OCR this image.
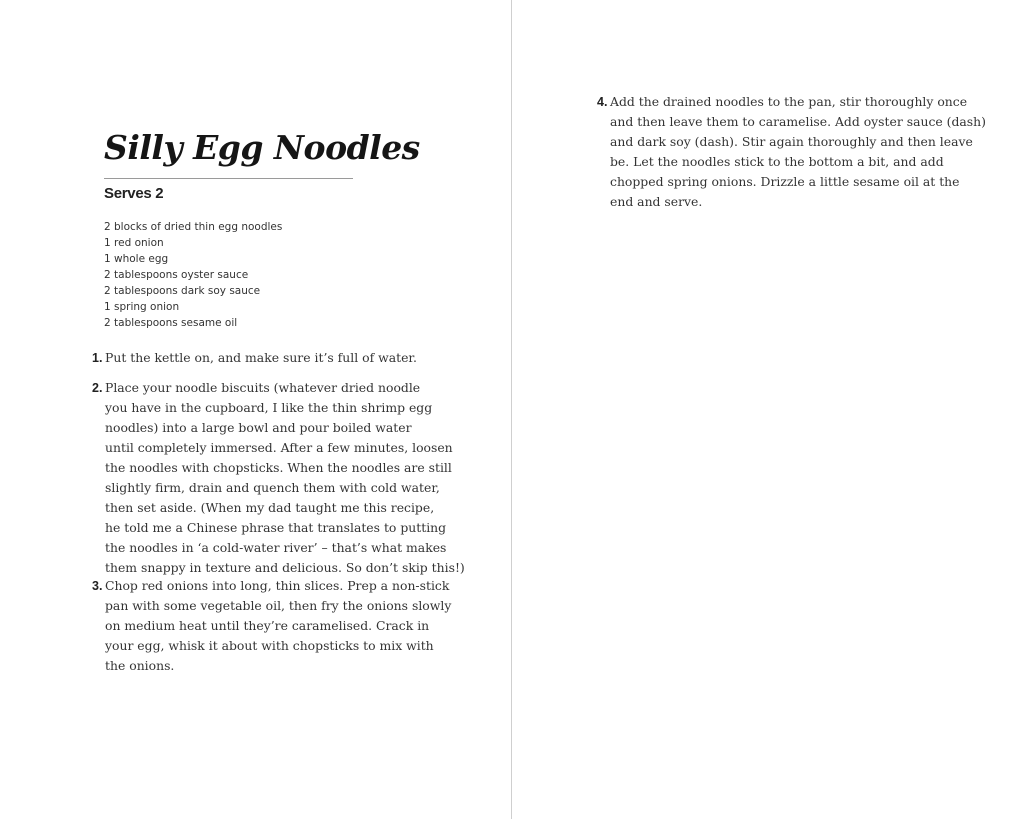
Silly Egg Noodles
Serves 2
2 blocks of dried thin egg noodles
1 red onion
1 whole egg
2 tablespoons oyster sauce
2 tablespoons dark soy sauce
1 spring onion
2 tablespoons sesame oil
1. Put the kettle on, and make sure it’s full of water.
2. Place your noodle biscuits (whatever dried noodle
you have in the cupboard, I like the thin shrimp egg
noodles) into a large bowl and pour boiled water
until completely immersed. After a few minutes, loosen
the noodles with chopsticks. When the noodles are still
slightly firm, drain and quench them with cold water,
then set aside. (When my dad taught me this recipe,
he told me a Chinese phrase that translates to putting
the noodles in ‘a cold-water river’ – that’s what makes
them snappy in texture and delicious. So don’t skip this!)
3. Chop red onions into long, thin slices. Prep a non-stick
pan with some vegetable oil, then fry the onions slowly
on medium heat until they’re caramelised. Crack in
your egg, whisk it about with chopsticks to mix with
the onions.
4. Add the drained noodles to the pan, stir thoroughly once
and then leave them to caramelise. Add oyster sauce (dash)
and dark soy (dash). Stir again thoroughly and then leave
be. Let the noodles stick to the bottom a bit, and add
chopped spring onions. Drizzle a little sesame oil at the
end and serve.
